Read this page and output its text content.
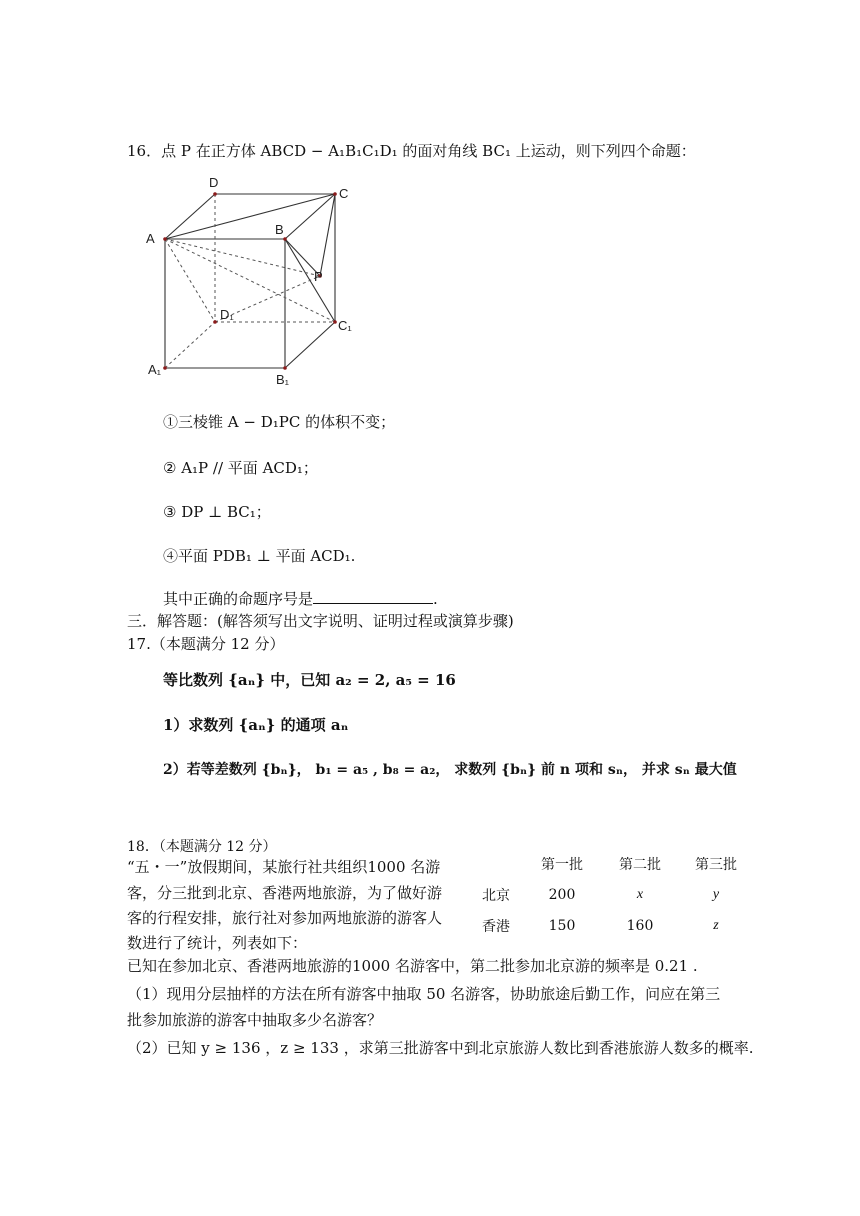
16．点 P 在正方体 ABCD − A₁B₁C₁D₁ 的面对角线 BC₁ 上运动，则下列四个命题：
D
C
A
B
P
D₁
C₁
A₁
B₁
①三棱锥 A − D₁PC 的体积不变；
② A₁P // 平面 ACD₁；
③ DP ⊥ BC₁；
④平面 PDB₁ ⊥ 平面 ACD₁.
其中正确的命题序号是	.
三．解答题：(解答须写出文字说明、证明过程或演算步骤)
17.（本题满分 12 分）
等比数列 {aₙ} 中，已知 a₂ = 2, a₅ = 16
1）求数列 {aₙ} 的通项 aₙ
2）若等差数列 {bₙ}， b₁ = a₅ , b₈ = a₂， 求数列 {bₙ} 前 n 项和 sₙ， 并求 sₙ 最大值
18．（本题满分 12 分）
“五・一”放假期间，某旅行社共组织1000 名游
客，分三批到北京、香港两地旅游，为了做好游
客的行程安排，旅行社对参加两地旅游的游客人
数进行了统计，列表如下：
	第一批	第二批	第三批
北京	200	x	y
香港	150	160	z
已知在参加北京、香港两地旅游的1000 名游客中，第二批参加北京游的频率是 0.21 .
（1）现用分层抽样的方法在所有游客中抽取 50 名游客，协助旅途后勤工作，问应在第三
批参加旅游的游客中抽取多少名游客？
（2）已知 y ≥ 136 ，z ≥ 133 ，求第三批游客中到北京旅游人数比到香港旅游人数多的概率.
